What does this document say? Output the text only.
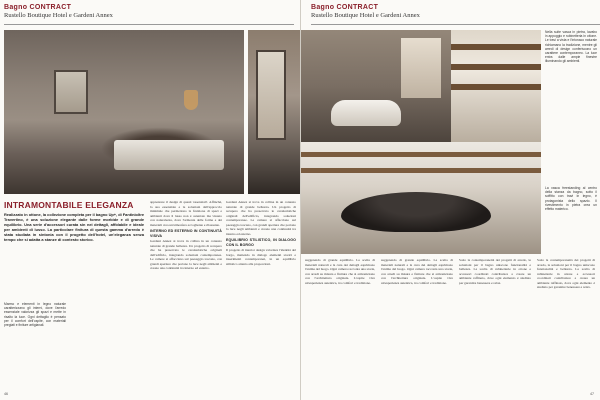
Bagno CONTRACT
Rustello Boutique Hotel e Gardeni Annex
INTRAMONTABILE ELEGANZA
Realizzato in ottone, la collezione completa per il bagno Up+, di Fantinioltre Travertino, è una soluzione elegante dalle forme morbide e di grande equilibrio. Una serie d'accessori curata sin nei dettagli, affidabile e ideale per ambienti di lusso. La particolare finitura di questa gamma d'arredo è stata studiata in sintonia con il progetto dell'hotel, un'eleganza senza tempo che si adatta a stanze di contesto storico.
Marmo e elementi in legno naturale caratterizzano gli interni, dove l'arredo essenziale valorizza gli spazi e mette in risalto la luce. Ogni dettaglio è pensato per il comfort dell'ospite, con materiali pregiati e finiture artigianali.
apprezzare il design di questi 'essenziali'. Affinché, la sua essenziale e le soluzioni dall'approccio minimale che permettono la fruizione di spazi e ambienti dove il lusso non è ostentato ma vissuto con naturalezza, dove l'armonia delle forme e dei materiali crea un'atmosfera accogliente e rilassante.
INTERNO ED ESTERNO IN CONTINUITÀ VISIVA
Gardeni Annex si trova in collina in un contesto naturale di grande bellezza. Un progetto di recupero che ha preservato le caratteristiche originali dell'edificio, integrando soluzioni contemporanee. Le camere si affacciano sul paesaggio toscano, con grandi aperture che portano la luce negli ambienti e creano una continuità tra interno ed esterno.
Gardeni Annex si trova in collina in un contesto naturale di grande bellezza. Un progetto di recupero che ha preservato le caratteristiche originali dell'edificio, integrando soluzioni contemporanee. Le camere si affacciano sul paesaggio toscano, con grandi aperture che portano la luce negli ambienti e creano una continuità tra interno ed esterno.
EQUILIBRIO STILISTICO, IN DIALOGO CON IL BORGO
Il progetto di interior design valorizza l'identità del borgo, mettendo in dialogo elementi storici e inserimenti contemporanei, in un equilibrio stilistico attento alle proporzioni.
46
Bagno CONTRACT
Rustello Boutique Hotel e Gardeni Annex
Nella suite vasca in pietra, lavabo in appoggio e rubinetteria in ottone. Le travi a vista e l'intonaco naturale richiamano la tradizione, mentre gli arredi di design conferiscono un carattere contemporaneo. La luce entra dalle ampie finestre illuminando gli ambienti.
La vasca freestanding al centro della stanza da bagno, sotto il soffitto con travi in legno, è protagonista dello spazio. Il rivestimento in pietra crea un effetto materico.
suggerendo di grande equilibrio. La scelta di materiali naturali e la cura dei dettagli esprimono l'anima del luogo. Ogni camera racconta una storia, con arredi su misura e finiture che si armonizzano con l'architettura originale. L'ospite vive un'esperienza autentica, tra comfort e tradizione.
suggerendo di grande equilibrio. La scelta di materiali naturali e la cura dei dettagli esprimono l'anima del luogo. Ogni camera racconta una storia, con arredi su misura e finiture che si armonizzano con l'architettura originale. L'ospite vive un'esperienza autentica, tra comfort e tradizione.
Sotto la contemporaneità dei progetti di arredo, le soluzioni per il bagno uniscono funzionalità e bellezza. La scelta di rubinetterie in ottone e accessori coordinati contribuisce a creare un ambiente raffinato, dove ogni elemento è studiato per garantire benessere e relax.
Sotto la contemporaneità dei progetti di arredo, le soluzioni per il bagno uniscono funzionalità e bellezza. La scelta di rubinetterie in ottone e accessori coordinati contribuisce a creare un ambiente raffinato, dove ogni elemento è studiato per garantire benessere e relax.
47
